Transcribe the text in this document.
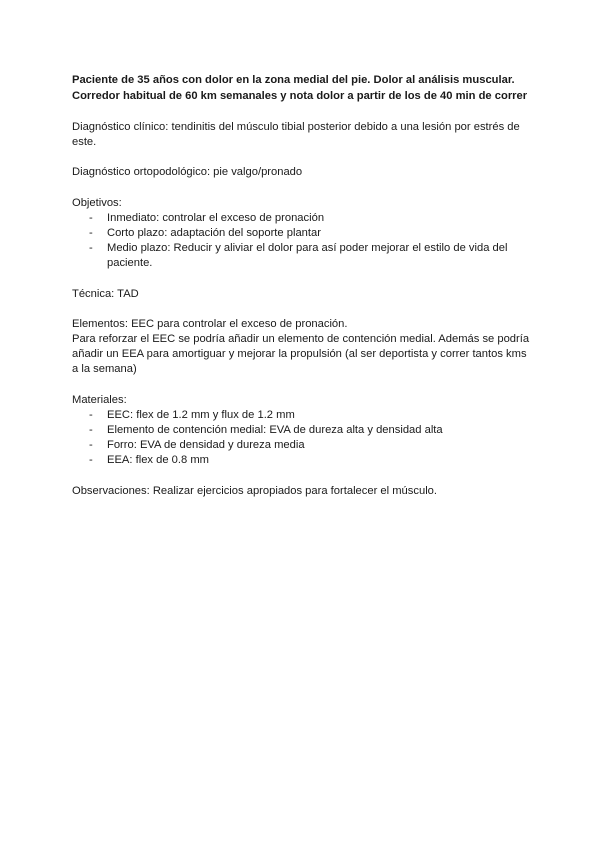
Paciente de 35 años con dolor en la zona medial del pie. Dolor al análisis muscular.

Corredor habitual de 60 km semanales y nota dolor a partir de los de 40 min de correr

Diagnóstico clínico: tendinitis del músculo tibial posterior debido a una lesión por estrés de este.

Diagnóstico ortopodológico: pie valgo/pronado

Objetivos:

- Inmediato: controlar el exceso de pronación
- Corto plazo: adaptación del soporte plantar
- Medio plazo: Reducir y aliviar el dolor para así poder mejorar el estilo de vida del paciente.

Técnica: TAD

Elementos: EEC para controlar el exceso de pronación.

Para reforzar el EEC se podría añadir un elemento de contención medial. Además se podría añadir un EEA para amortiguar y mejorar la propulsión (al ser deportista y correr tantos kms a la semana)

Materiales:

- EEC: flex de 1.2 mm y flux de 1.2 mm
- Elemento de contención medial: EVA de dureza alta y densidad alta
- Forro: EVA de densidad y dureza media
- EEA: flex de 0.8 mm

Observaciones: Realizar ejercicios apropiados para fortalecer el músculo.
